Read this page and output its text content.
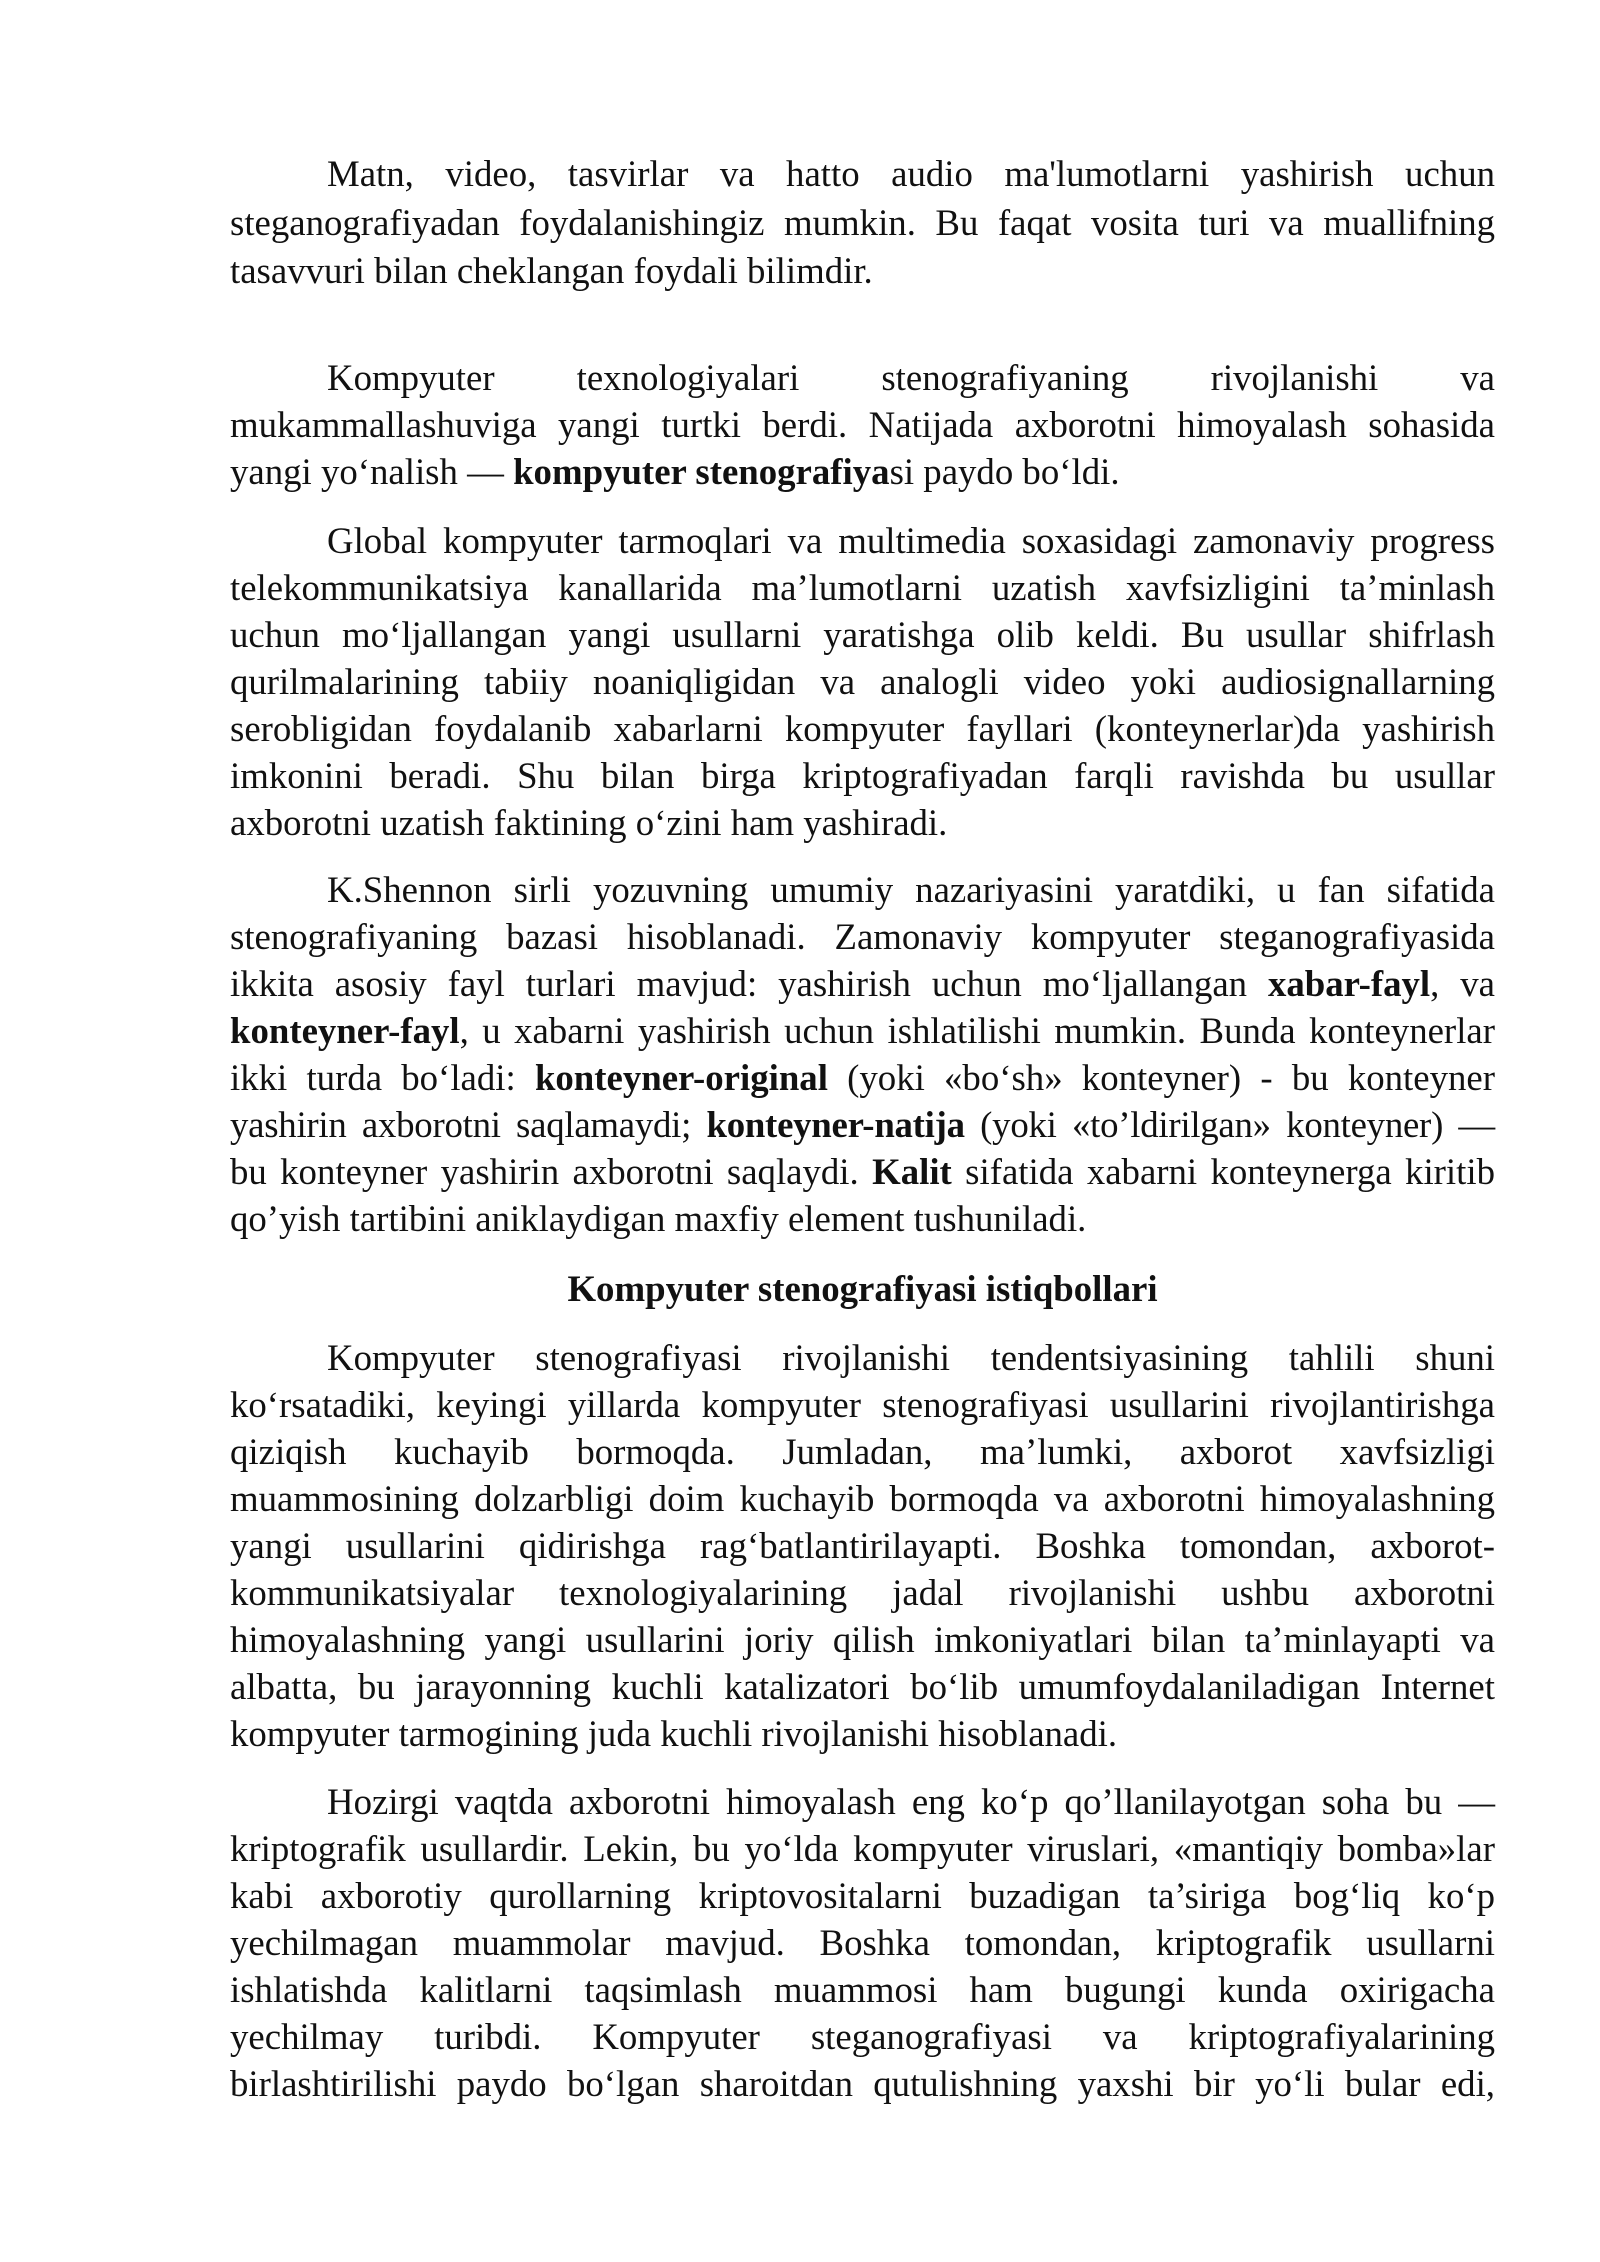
Matn, video, tasvirlar va hatto audio ma'lumotlarni yashirish uchun
steganografiyadan foydalanishingiz mumkin. Bu faqat vosita turi va muallifning
tasavvuri bilan cheklangan foydali bilimdir.
Kompyuter texnologiyalari stenografiyaning rivojlanishi va
mukammallashuviga yangi turtki berdi. Natijada axborotni himoyalash sohasida
yangi yo‘nalish — kompyuter stenografiyasi paydo bo‘ldi.
Global kompyuter tarmoqlari va multimedia soxasidagi zamonaviy progress
telekommunikatsiya kanallarida ma’lumotlarni uzatish xavfsizligini ta’minlash
uchun mo‘ljallangan yangi usullarni yaratishga olib keldi. Bu usullar shifrlash
qurilmalarining tabiiy noaniqligidan va analogli video yoki audiosignallarning
serobligidan foydalanib xabarlarni kompyuter fayllari (konteynerlar)da yashirish
imkonini beradi. Shu bilan birga kriptografiyadan farqli ravishda bu usullar
axborotni uzatish faktining o‘zini ham yashiradi.
K.Shennon sirli yozuvning umumiy nazariyasini yaratdiki, u fan sifatida
stenografiyaning bazasi hisoblanadi. Zamonaviy kompyuter steganografiyasida
ikkita asosiy fayl turlari mavjud: yashirish uchun mo‘ljallangan xabar-fayl, va
konteyner-fayl, u xabarni yashirish uchun ishlatilishi mumkin. Bunda konteynerlar
ikki turda bo‘ladi: konteyner-original (yoki «bo‘sh» konteyner) - bu konteyner
yashirin axborotni saqlamaydi; konteyner-natija (yoki «to’ldirilgan» konteyner) —
bu konteyner yashirin axborotni saqlaydi. Kalit sifatida xabarni konteynerga kiritib
qo’yish tartibini aniklaydigan maxfiy element tushuniladi.
Kompyuter stenografiyasi istiqbollari
Kompyuter stenografiyasi rivojlanishi tendentsiyasining tahlili shuni
ko‘rsatadiki, keyingi yillarda kompyuter stenografiyasi usullarini rivojlantirishga
qiziqish kuchayib bormoqda. Jumladan, ma’lumki, axborot xavfsizligi
muammosining dolzarbligi doim kuchayib bormoqda va axborotni himoyalashning
yangi usullarini qidirishga rag‘batlantirilayapti. Boshka tomondan, axborot-
kommunikatsiyalar texnologiyalarining jadal rivojlanishi ushbu axborotni
himoyalashning yangi usullarini joriy qilish imkoniyatlari bilan ta’minlayapti va
albatta, bu jarayonning kuchli katalizatori bo‘lib umumfoydalaniladigan Internet
kompyuter tarmogining juda kuchli rivojlanishi hisoblanadi.
Hozirgi vaqtda axborotni himoyalash eng ko‘p qo’llanilayotgan soha bu —
kriptografik usullardir. Lekin, bu yo‘lda kompyuter viruslari, «mantiqiy bomba»lar
kabi axborotiy qurollarning kriptovositalarni buzadigan ta’siriga bog‘liq ko‘p
yechilmagan muammolar mavjud. Boshka tomondan, kriptografik usullarni
ishlatishda kalitlarni taqsimlash muammosi ham bugungi kunda oxirigacha
yechilmay turibdi. Kompyuter steganografiyasi va kriptografiyalarining
birlashtirilishi paydo bo‘lgan sharoitdan qutulishning yaxshi bir yo‘li bular edi,
